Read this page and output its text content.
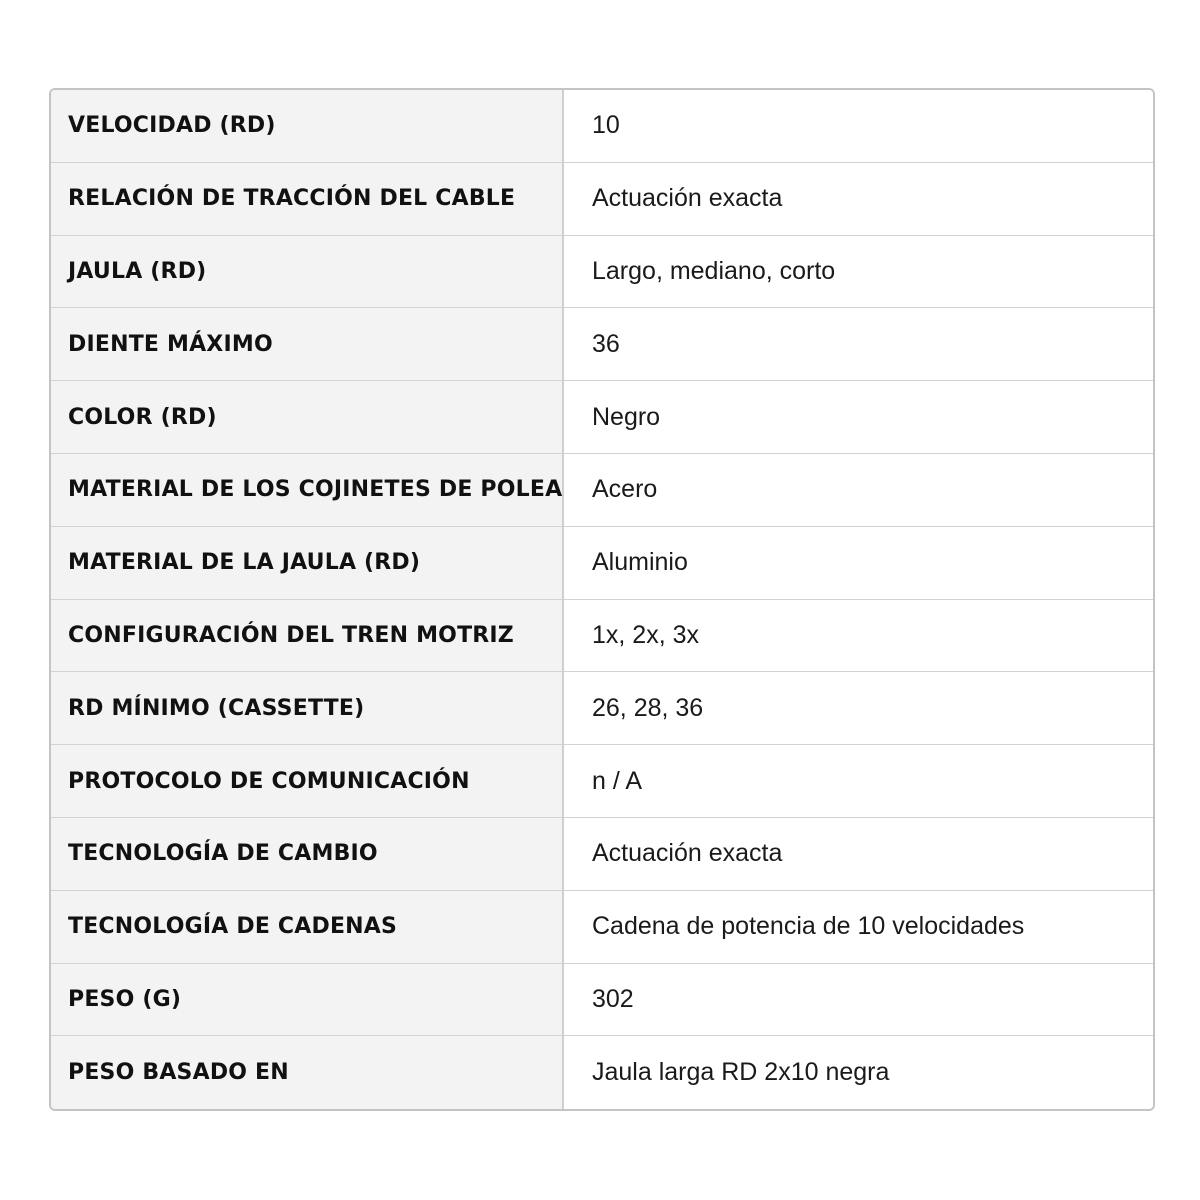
VELOCIDAD (RD)	10
RELACIÓN DE TRACCIÓN DEL CABLE	Actuación exacta
JAULA (RD)	Largo, mediano, corto
DIENTE MÁXIMO	36
COLOR (RD)	Negro
MATERIAL DE LOS COJINETES DE POLEA	Acero
MATERIAL DE LA JAULA (RD)	Aluminio
CONFIGURACIÓN DEL TREN MOTRIZ	1x, 2x, 3x
RD MÍNIMO (CASSETTE)	26, 28, 36
PROTOCOLO DE COMUNICACIÓN	n / A
TECNOLOGÍA DE CAMBIO	Actuación exacta
TECNOLOGÍA DE CADENAS	Cadena de potencia de 10 velocidades
PESO (G)	302
PESO BASADO EN	Jaula larga RD 2x10 negra
